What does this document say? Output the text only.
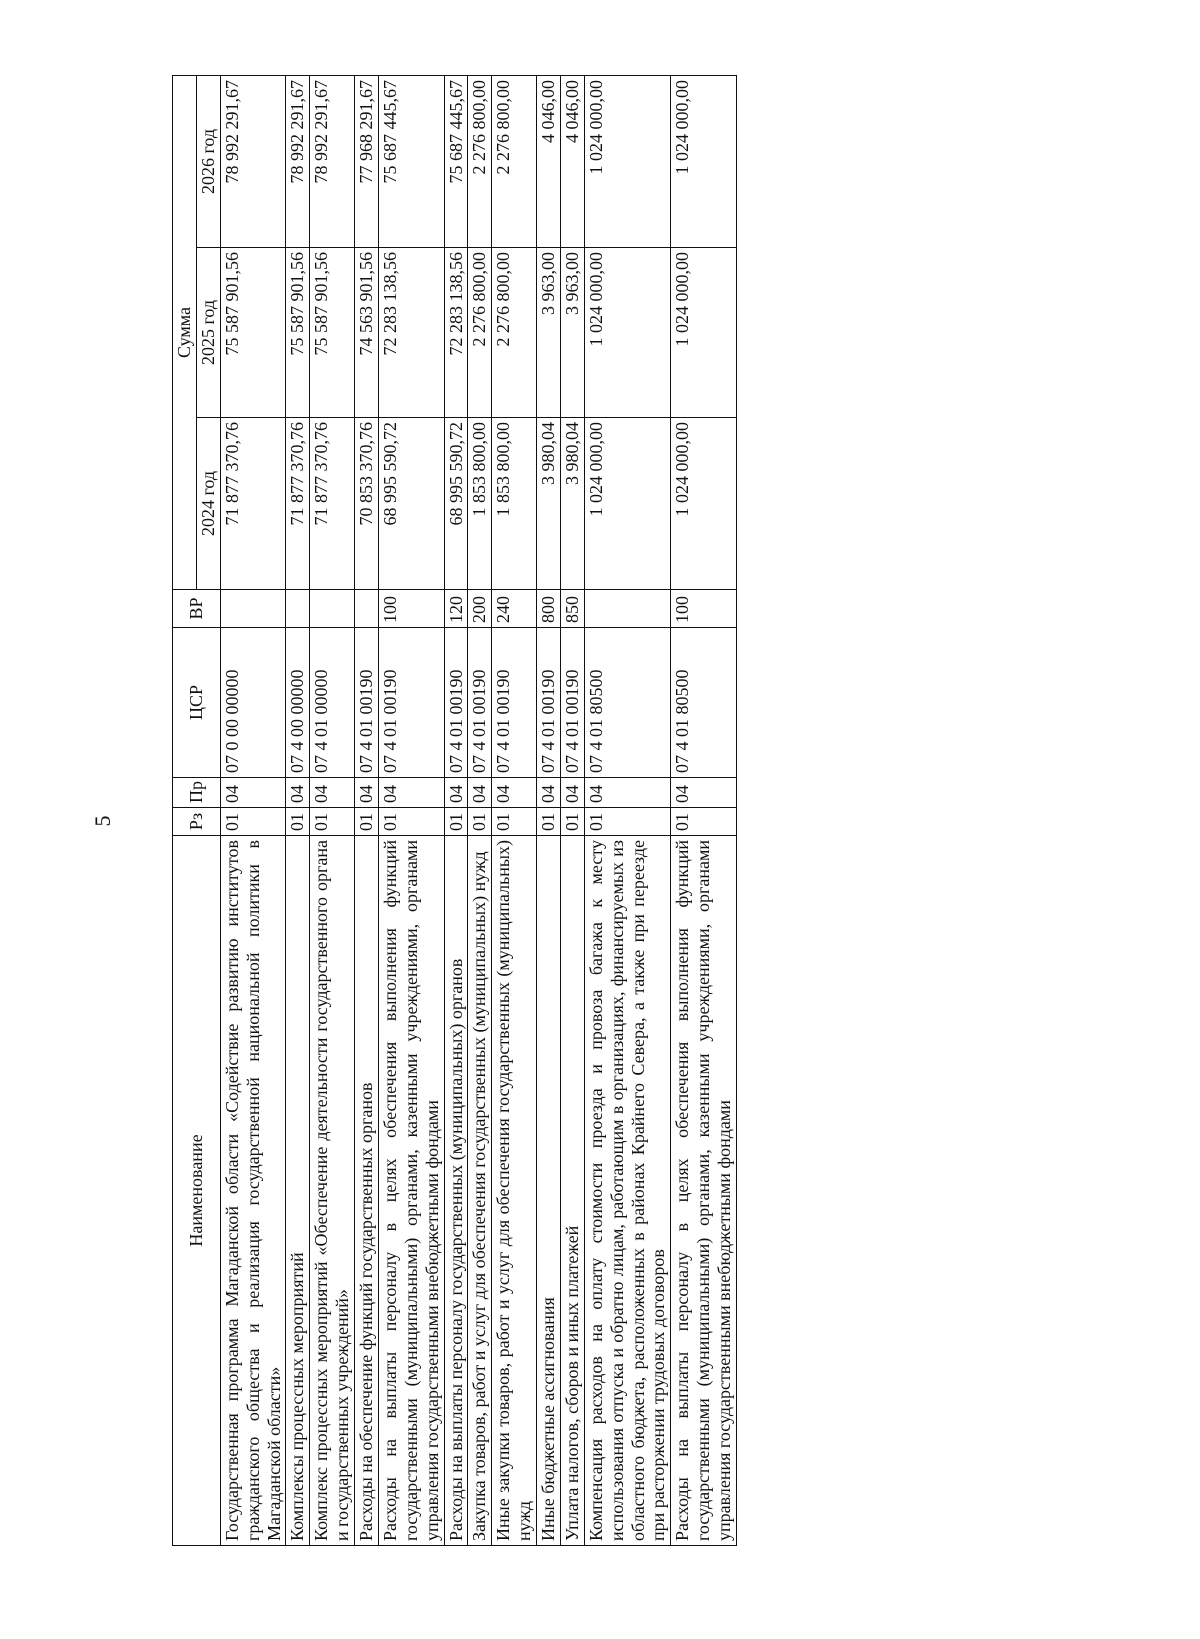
5
Наименование	Рз	Пр	ЦСР	ВР	Сумма		
					2024 год	2025 год	2026 год
Государственная программа Магаданской области «Содействие развитию институтов гражданского общества и реализация государственной национальной политики в Магаданской области»	01	04	07 0 00 00000		71 877 370,76	75 587 901,56	78 992 291,67
Комплексы процессных мероприятий	01	04	07 4 00 00000		71 877 370,76	75 587 901,56	78 992 291,67
Комплекс процессных мероприятий «Обеспечение деятельности государственного органа и государственных учреждений»	01	04	07 4 01 00000		71 877 370,76	75 587 901,56	78 992 291,67
Расходы на обеспечение функций государственных органов	01	04	07 4 01 00190		70 853 370,76	74 563 901,56	77 968 291,67
Расходы на выплаты персоналу в целях обеспечения выполнения функций государственными (муниципальными) органами, казенными учреждениями, органами управления государственными внебюджетными фондами	01	04	07 4 01 00190	100	68 995 590,72	72 283 138,56	75 687 445,67
Расходы на выплаты персоналу государственных (муниципальных) органов	01	04	07 4 01 00190	120	68 995 590,72	72 283 138,56	75 687 445,67
Закупка товаров, работ и услуг для обеспечения государственных (муниципальных) нужд	01	04	07 4 01 00190	200	1 853 800,00	2 276 800,00	2 276 800,00
Иные закупки товаров, работ и услуг для обеспечения государственных (муниципальных) нужд	01	04	07 4 01 00190	240	1 853 800,00	2 276 800,00	2 276 800,00
Иные бюджетные ассигнования	01	04	07 4 01 00190	800	3 980,04	3 963,00	4 046,00
Уплата налогов, сборов и иных платежей	01	04	07 4 01 00190	850	3 980,04	3 963,00	4 046,00
Компенсация расходов на оплату стоимости проезда и провоза багажа к месту использования отпуска и обратно лицам, работающим в организациях, финансируемых из областного бюджета, расположенных в районах Крайнего Севера, а также при переезде при расторжении трудовых договоров	01	04	07 4 01 80500		1 024 000,00	1 024 000,00	1 024 000,00
Расходы на выплаты персоналу в целях обеспечения выполнения функций государственными (муниципальными) органами, казенными учреждениями, органами управления государственными внебюджетными фондами	01	04	07 4 01 80500	100	1 024 000,00	1 024 000,00	1 024 000,00
